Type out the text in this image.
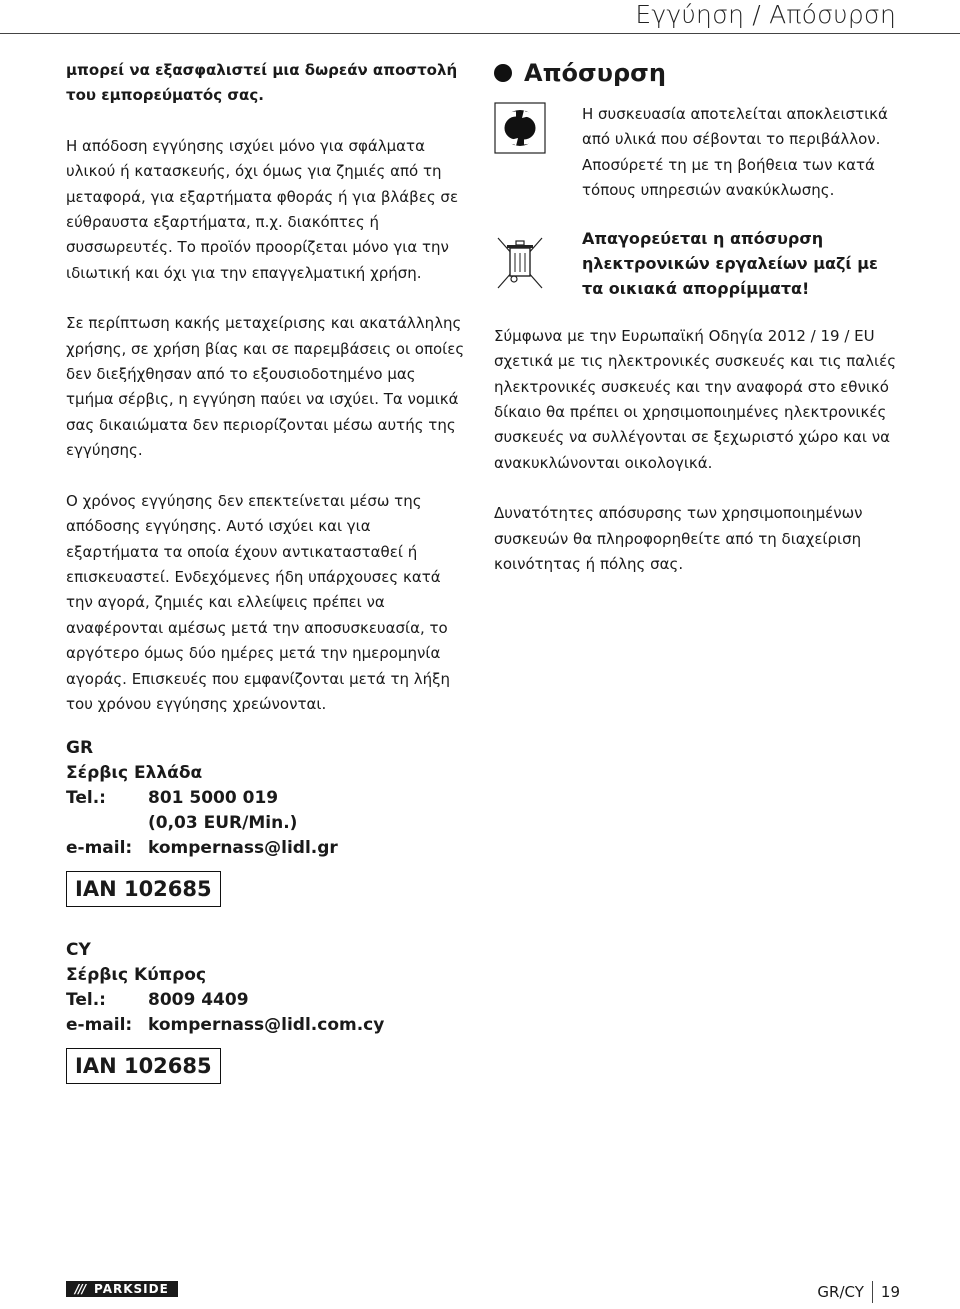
Εγγύηση / Απόσυρση

μπορεί να εξασφαλιστεί μια δωρεάν αποστολή του εμπορεύματός σας.

Η απόδοση εγγύησης ισχύει μόνο για σφάλματα υλικού ή κατασκευής, όχι όμως για ζημιές από τη μεταφορά, για εξαρτήματα φθοράς ή για βλάβες σε εύθραυστα εξαρτήματα, π.χ. διακόπτες ή συσσωρευτές. Το προϊόν προορίζεται μόνο για την ιδιωτική και όχι για την επαγγελματική χρήση.

Σε περίπτωση κακής μεταχείρισης και ακατάλληλης χρήσης, σε χρήση βίας και σε παρεμβάσεις οι οποίες δεν διεξήχθησαν από το εξουσιοδοτημένο μας τμήμα σέρβις, η εγγύηση παύει να ισχύει. Τα νομικά σας δικαιώματα δεν περιορίζονται μέσω αυτής της εγγύησης.

Ο χρόνος εγγύησης δεν επεκτείνεται μέσω της απόδοσης εγγύησης. Αυτό ισχύει και για εξαρτήματα τα οποία έχουν αντικατασταθεί ή επισκευαστεί. Ενδεχόμενες ήδη υπάρχουσες κατά την αγορά, ζημιές και ελλείψεις πρέπει να αναφέρονται αμέσως μετά την αποσυσκευασία, το αργότερο όμως δύο ημέρες μετά την ημερομηνία αγοράς. Επισκευές που εμφανίζονται μετά τη λήξη του χρόνου εγγύησης χρεώνονται.

GR
Σέρβις Ελλάδα
Tel.:	801 5000 019
(0,03 EUR/Min.)
e-mail: kompernass@lidl.gr
IAN 102685
CY
Σέρβις Κύπρος
Tel.:	8009 4409
e-mail: kompernass@lidl.com.cy
IAN 102685
Απόσυρση

Η συσκευασία αποτελείται αποκλειστικά από υλικά που σέβονται το περιβάλλον. Αποσύρετέ τη με τη βοήθεια των κατά τόπους υπηρεσιών ανακύκλωσης.

Απαγορεύεται η απόσυρση ηλεκτρονικών εργαλείων μαζί με τα οικιακά απορρίμματα!

Σύμφωνα με την Ευρωπαϊκή Οδηγία 2012 / 19 / EU σχετικά με τις ηλεκτρονικές συσκευές και τις παλιές ηλεκτρονικές συσκευές και την αναφορά στο εθνικό δίκαιο θα πρέπει οι χρησιμοποιημένες ηλεκτρονικές συσκευές να συλλέγονται σε ξεχωριστό χώρο και να ανακυκλώνονται οικολογικά.

Δυνατότητες απόσυρσης των χρησιμοποιημένων συσκευών θα πληροφορηθείτε από τη διαχείριση κοινότητας ή πόλης σας.

/// PARKSIDE	GR/CY 19
